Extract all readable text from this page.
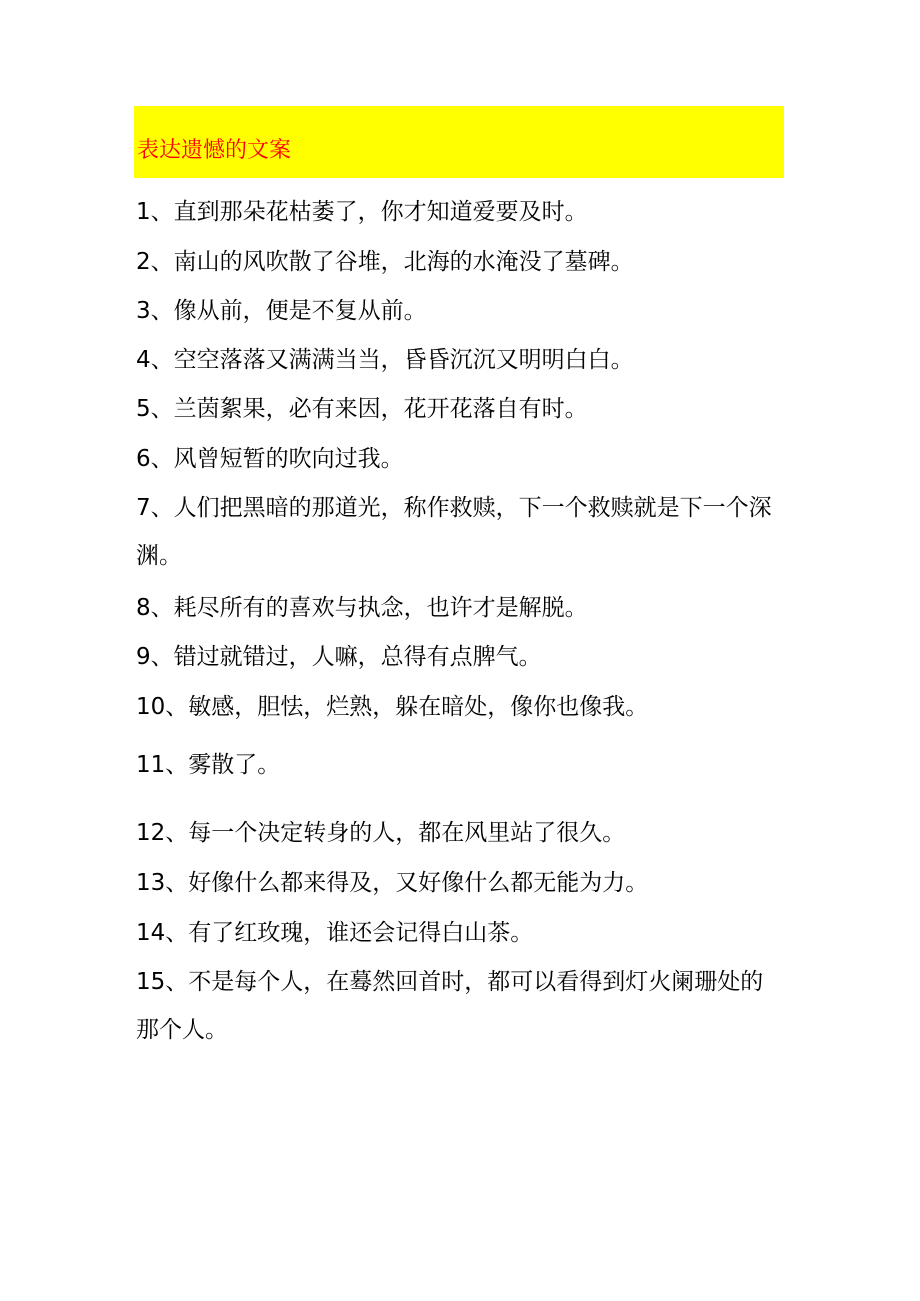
表达遗憾的文案
1、直到那朵花枯萎了，你才知道爱要及时。
2、南山的风吹散了谷堆，北海的水淹没了墓碑。
3、像从前，便是不复从前。
4、空空落落又满满当当，昏昏沉沉又明明白白。
5、兰茵絮果，必有来因，花开花落自有时。
6、风曾短暂的吹向过我。
7、人们把黑暗的那道光，称作救赎，下一个救赎就是下一个深渊。
8、耗尽所有的喜欢与执念，也许才是解脱。
9、错过就错过，人嘛，总得有点脾气。
10、敏感，胆怯，烂熟，躲在暗处，像你也像我。
11、雾散了。
12、每一个决定转身的人，都在风里站了很久。
13、好像什么都来得及，又好像什么都无能为力。
14、有了红玫瑰，谁还会记得白山茶。
15、不是每个人，在蓦然回首时，都可以看得到灯火阑珊处的那个人。
